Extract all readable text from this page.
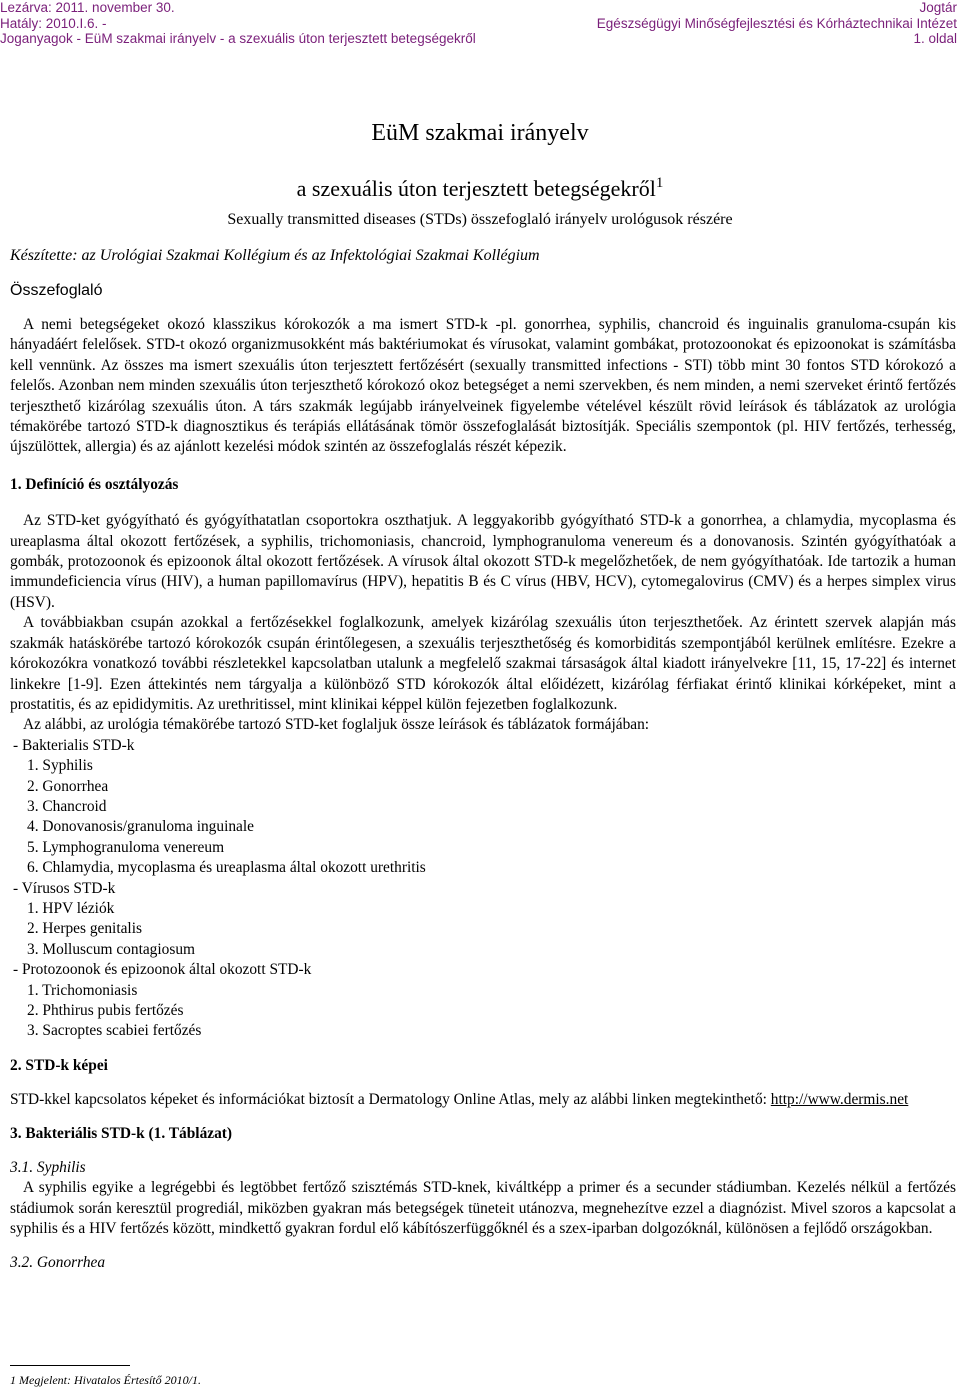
Lezárva: 2011. november 30.
Hatály: 2010.I.6. -
Joganyagok - EüM szakmai irányelv - a szexuális úton terjesztett betegségekről
Jogtár
Egészségügyi Minőségfejlesztési és Kórháztechnikai Intézet
1. oldal
EüM szakmai irányelv
a szexuális úton terjesztett betegségekről$^1$
Sexually transmitted diseases (STDs) összefoglaló irányelv urológusok részére
Készítette: az Urológiai Szakmai Kollégium és az Infektológiai Szakmai Kollégium
Összefoglaló

A nemi betegségeket okozó klasszikus kórokozók a ma ismert STD-k -pl. gonorrhea, syphilis, chancroid és inguinalis granuloma-csupán kis hányadáért felelősek. STD-t okozó organizmusokként más baktériumokat és vírusokat, valamint gombákat, protozoonokat és epizoonokat is számításba kell vennünk. Az összes ma ismert szexuális úton terjesztett fertőzésért (sexually transmitted infections - STI) több mint 30 fontos STD kórokozó a felelős. Azonban nem minden szexuális úton terjeszthető kórokozó okoz betegséget a nemi szervekben, és nem minden, a nemi szerveket érintő fertőzés terjeszthető kizárólag szexuális úton. A társ szakmák legújabb irányelveinek figyelembe vételével készült rövid leírások és táblázatok az urológia témakörébe tartozó STD-k diagnosztikus és terápiás ellátásának tömör összefoglalását biztosítják. Speciális szempontok (pl. HIV fertőzés, terhesség, újszülöttek, allergia) és az ajánlott kezelési módok szintén az összefoglalás részét képezik.

1. Definíció és osztályozás

Az STD-ket gyógyítható és gyógyíthatatlan csoportokra oszthatjuk. A leggyakoribb gyógyítható STD-k a gonorrhea, a chlamydia, mycoplasma és ureaplasma által okozott fertőzések, a syphilis, trichomoniasis, chancroid, lymphogranuloma venereum és a donovanosis. Szintén gyógyíthatóak a gombák, protozoonok és epizoonok által okozott fertőzések. A vírusok által okozott STD-k megelőzhetőek, de nem gyógyíthatóak. Ide tartozik a human immundeficiencia vírus (HIV), a human papillomavírus (HPV), hepatitis B és C vírus (HBV, HCV), cytomegalovirus (CMV) és a herpes simplex virus (HSV).

A továbbiakban csupán azokkal a fertőzésekkel foglalkozunk, amelyek kizárólag szexuális úton terjeszthetőek. Az érintett szervek alapján más szakmák hatáskörébe tartozó kórokozók csupán érintőlegesen, a szexuális terjeszthetőség és komorbiditás szempontjából kerülnek említésre. Ezekre a kórokozókra vonatkozó további részletekkel kapcsolatban utalunk a megfelelő szakmai társaságok által kiadott irányelvekre [11, 15, 17-22] és internet linkekre [1-9]. Ezen áttekintés nem tárgyalja a különböző STD kórokozók által előidézett, kizárólag férfiakat érintő klinikai kórképeket, mint a prostatitis, és az epididymitis. Az urethritissel, mint klinikai képpel külön fejezetben foglalkozunk.

Az alábbi, az urológia témakörébe tartozó STD-ket foglaljuk össze leírások és táblázatok formájában:

- Bakterialis STD-k
1. Syphilis
2. Gonorrhea
3. Chancroid
4. Donovanosis/granuloma inguinale
5. Lymphogranuloma venereum
6. Chlamydia, mycoplasma és ureaplasma által okozott urethritis
- Vírusos STD-k
1. HPV léziók
2. Herpes genitalis
3. Molluscum contagiosum
- Protozoonok és epizoonok által okozott STD-k
1. Trichomoniasis
2. Phthirus pubis fertőzés
3. Sacroptes scabiei fertőzés
2. STD-k képei

STD-kkel kapcsolatos képeket és információkat biztosít a Dermatology Online Atlas, mely az alábbi linken megtekinthető: http://www.dermis.net

3. Bakteriális STD-k (1. Táblázat)
3.1. Syphilis

A syphilis egyike a legrégebbi és legtöbbet fertőző szisztémás STD-knek, kiváltképp a primer és a secunder stádiumban. Kezelés nélkül a fertőzés stádiumok során keresztül progrediál, miközben gyakran más betegségek tüneteit utánozva, megnehezítve ezzel a diagnózist. Mivel szoros a kapcsolat a syphilis és a HIV fertőzés között, mindkettő gyakran fordul elő kábítószerfüggőknél és a szex-iparban dolgozóknál, különösen a fejlődő országokban.

3.2. Gonorrhea
1 Megjelent: Hivatalos Értesítő 2010/1.
